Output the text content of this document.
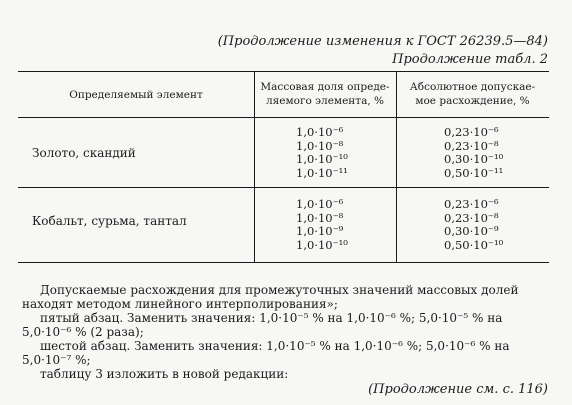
(Продолжение изменения к ГОСТ 26239.5—84)
Продолжение табл. 2
Определяемый элемент
Массовая доля опреде-
ляемого элемента, %
Абсолютное допускае-
мое расхождение, %
Золото, скандий
1,0·10⁻⁶
1,0·10⁻⁸
1,0·10⁻¹⁰
1,0·10⁻¹¹
0,23·10⁻⁶
0,23·10⁻⁸
0,30·10⁻¹⁰
0,50·10⁻¹¹
Кобальт, сурьма, тантал
1,0·10⁻⁶
1,0·10⁻⁸
1,0·10⁻⁹
1,0·10⁻¹⁰
0,23·10⁻⁶
0,23·10⁻⁸
0,30·10⁻⁹
0,50·10⁻¹⁰
Допускаемые расхождения для промежуточных значений массовых долей
находят методом линейного интерполирования»;
пятый абзац. Заменить значения: 1,0·10⁻⁵ % на 1,0·10⁻⁶ %; 5,0·10⁻⁵ % на
5,0·10⁻⁶ % (2 раза);
шестой абзац. Заменить значения: 1,0·10⁻⁵ % на 1,0·10⁻⁶ %; 5,0·10⁻⁶ % на
5,0·10⁻⁷ %;
таблицу 3 изложить в новой редакции:
(Продолжение см. с. 116)
